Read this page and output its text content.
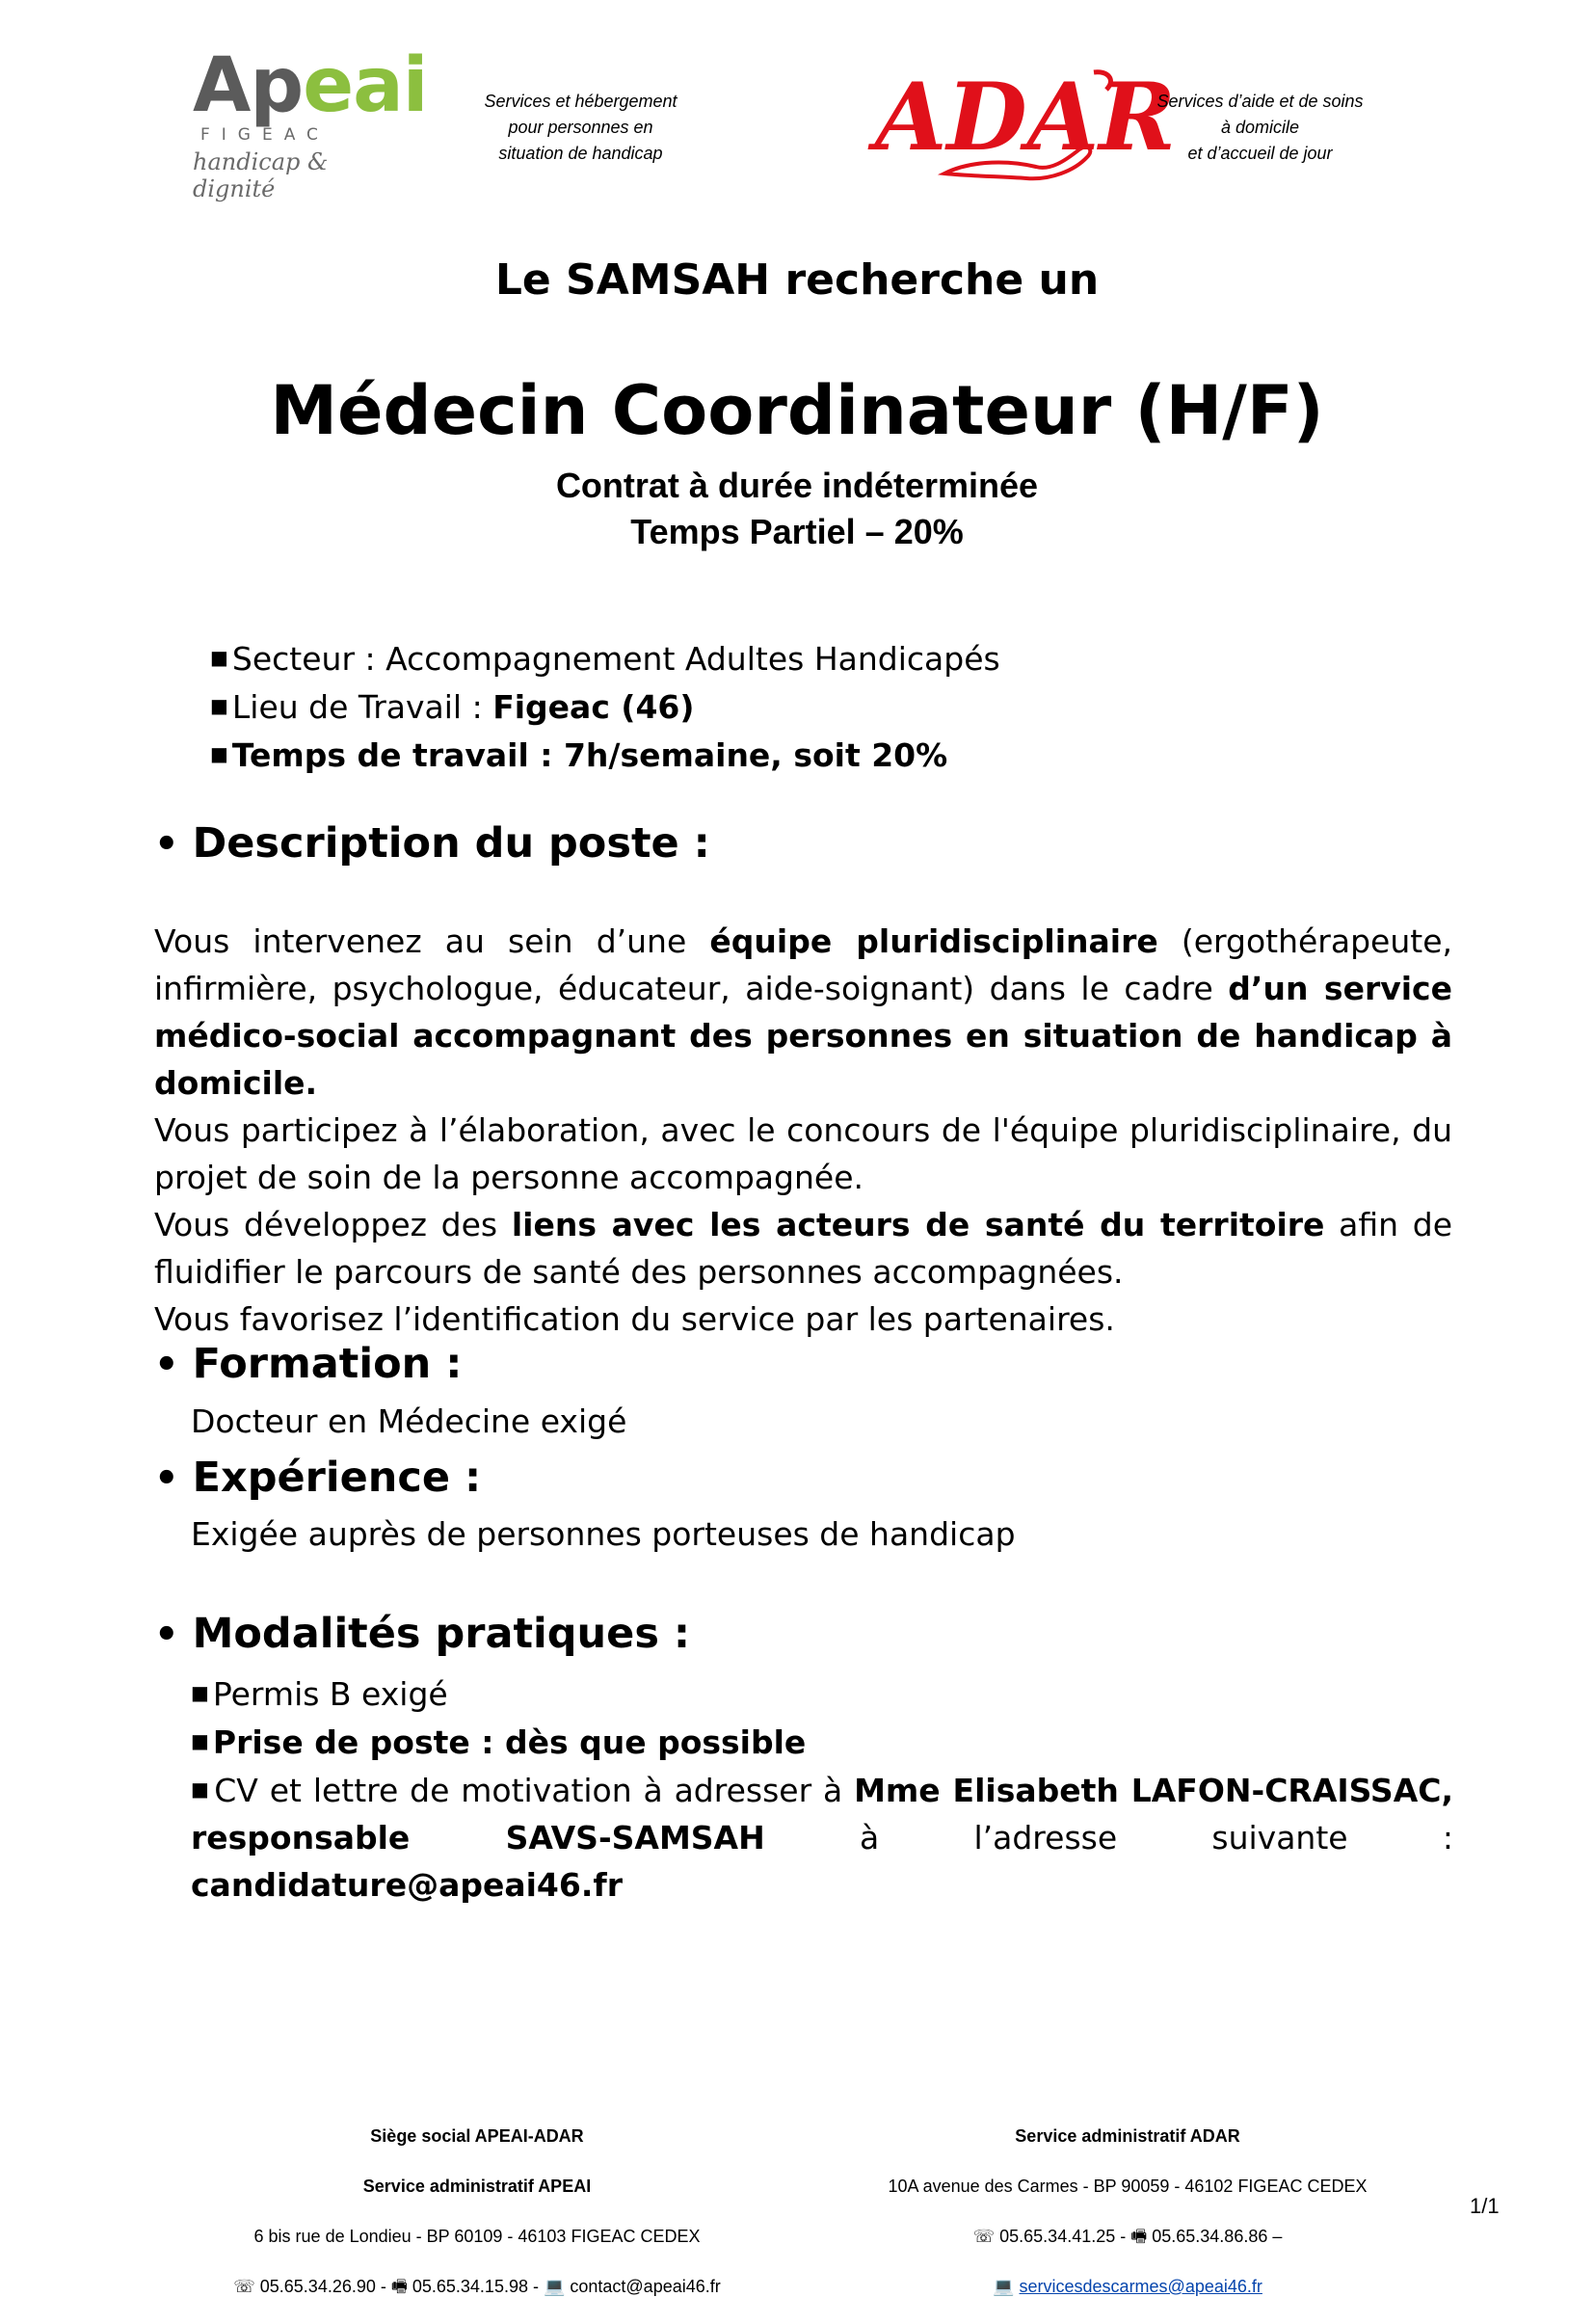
Apeai
FIGEAC
handicap & dignité
Services et hébergement
pour personnes en
situation de handicap	ADAR
Services d’aide et de soins
à domicile
et d’accueil de jour
Le SAMSAH recherche un
Médecin Coordinateur (H/F)
Contrat à durée indéterminée
Temps Partiel – 20%
■ Secteur : Accompagnement Adultes Handicapés
■ Lieu de Travail : Figeac (46)
■ Temps de travail : 7h/semaine, soit 20%
• Description du poste :

Vous intervenez au sein d’une équipe pluridisciplinaire (ergothérapeute, infirmière, psychologue, éducateur, aide-soignant) dans le cadre d’un service médico-social accompagnant des personnes en situation de handicap à domicile.

Vous participez à l’élaboration, avec le concours de l'équipe pluridisciplinaire, du projet de soin de la personne accompagnée.

Vous développez des liens avec les acteurs de santé du territoire afin de fluidifier le parcours de santé des personnes accompagnées.

Vous favorisez l’identification du service par les partenaires.

• Formation :
Docteur en Médecine exigé
• Expérience :
Exigée auprès de personnes porteuses de handicap
• Modalités pratiques :
■ Permis B exigé
■ Prise de poste : dès que possible
■ CV et lettre de motivation à adresser à Mme Elisabeth LAFON-CRAISSAC, responsable SAVS-SAMSAH à l’adresse suivante : candidature@apeai46.fr

Siège social APEAI-ADAR

Service administratif APEAI

6 bis rue de Londieu - BP 60109 - 46103 FIGEAC CEDEX

☏ 05.65.34.26.90 - 🖷 05.65.34.15.98 - 💻 contact@apeai46.fr

Service administratif ADAR

10A avenue des Carmes - BP 90059 - 46102 FIGEAC CEDEX

☏ 05.65.34.41.25 - 🖷 05.65.34.86.86 –

💻 servicesdescarmes@apeai46.fr

1/1
